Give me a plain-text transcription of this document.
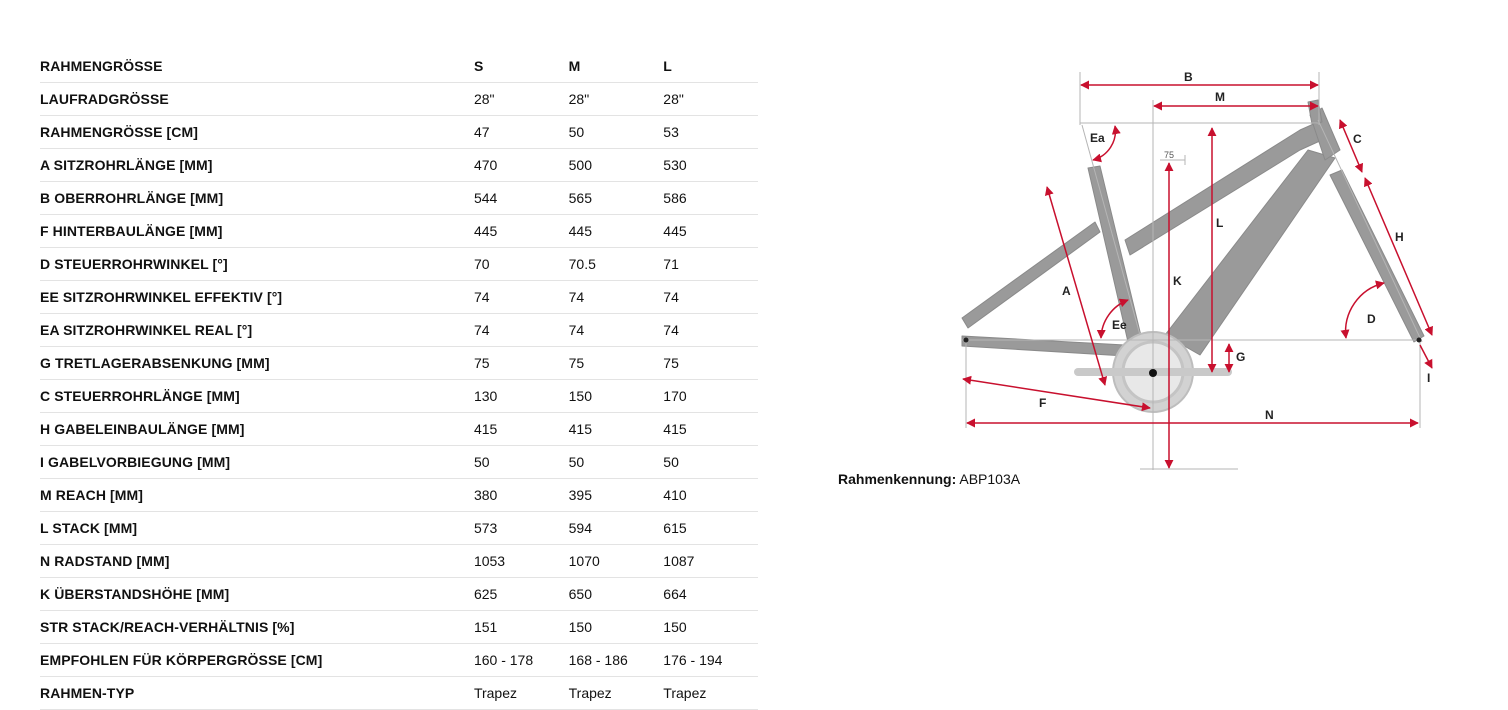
RAHMENGRÖSSE	S	M	L
LAUFRADGRÖSSE	28"	28"	28"
RAHMENGRÖSSE [CM]	47	50	53
A SITZROHRLÄNGE [MM]	470	500	530
B OBERROHRLÄNGE [MM]	544	565	586
F HINTERBAULÄNGE [MM]	445	445	445
D STEUERROHRWINKEL [°]	70	70.5	71
EE SITZROHRWINKEL EFFEKTIV [°]	74	74	74
EA SITZROHRWINKEL REAL [°]	74	74	74
G TRETLAGERABSENKUNG [MM]	75	75	75
C STEUERROHRLÄNGE [MM]	130	150	170
H GABELEINBAULÄNGE [MM]	415	415	415
I GABELVORBIEGUNG [MM]	50	50	50
M REACH [MM]	380	395	410
L STACK [MM]	573	594	615
N RADSTAND [MM]	1053	1070	1087
K ÜBERSTANDSHÖHE [MM]	625	650	664
STR STACK/REACH-VERHÄLTNIS [%]	151	150	150
EMPFOHLEN FÜR KÖRPERGRÖSSE [CM]	160 - 178	168 - 186	176 - 194
RAHMEN-TYP	Trapez	Trapez	Trapez
B
M
Ea	C
75
L
H
K
A
Ee	D
G
I
F
N
Rahmenkennung: ABP103A
